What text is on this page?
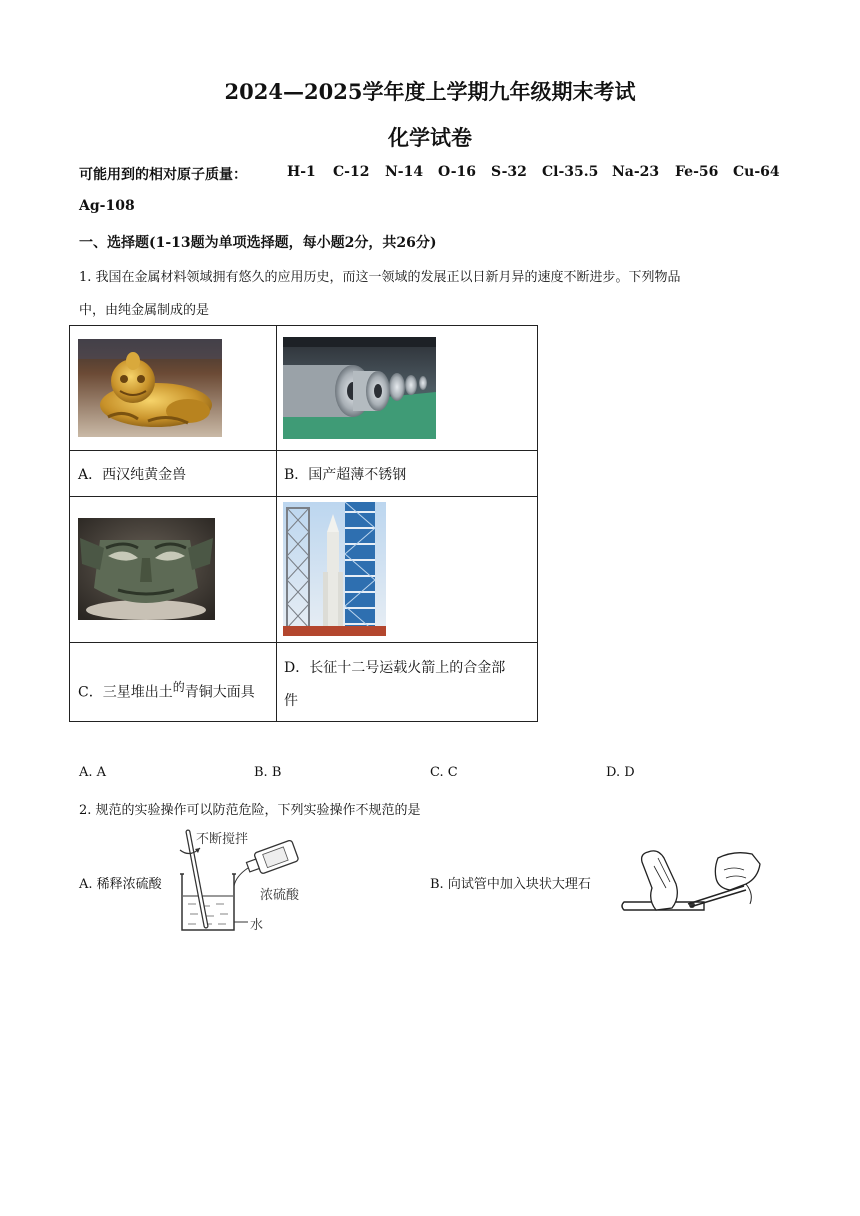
2024—2025学年度上学期九年级期末考试
化学试卷
可能用到的相对原子质量：	H-1 C-12 N-14 O-16 S-32 Cl-35.5 Na-23 Fe-56 Cu-64
Ag-108
一、选择题(1-13题为单项选择题，每小题2分，共26分)
1. 我国在金属材料领域拥有悠久的应用历史，而这一领域的发展正以日新月异的速度不断进步。下列物品
中，由纯金属制成的是
A．西汉纯黄金兽	B．国产超薄不锈钢
C．三星堆出土$^的$青铜大面具
D．长征十二号运载火箭上的合金部
件
A. A	B. B	C. C	D. D
2. 规范的实验操作可以防范危险，下列实验操作不规范的是
A. 稀释浓硫酸
不断搅拌
浓硫酸
水
B. 向试管中加入块状大理石
